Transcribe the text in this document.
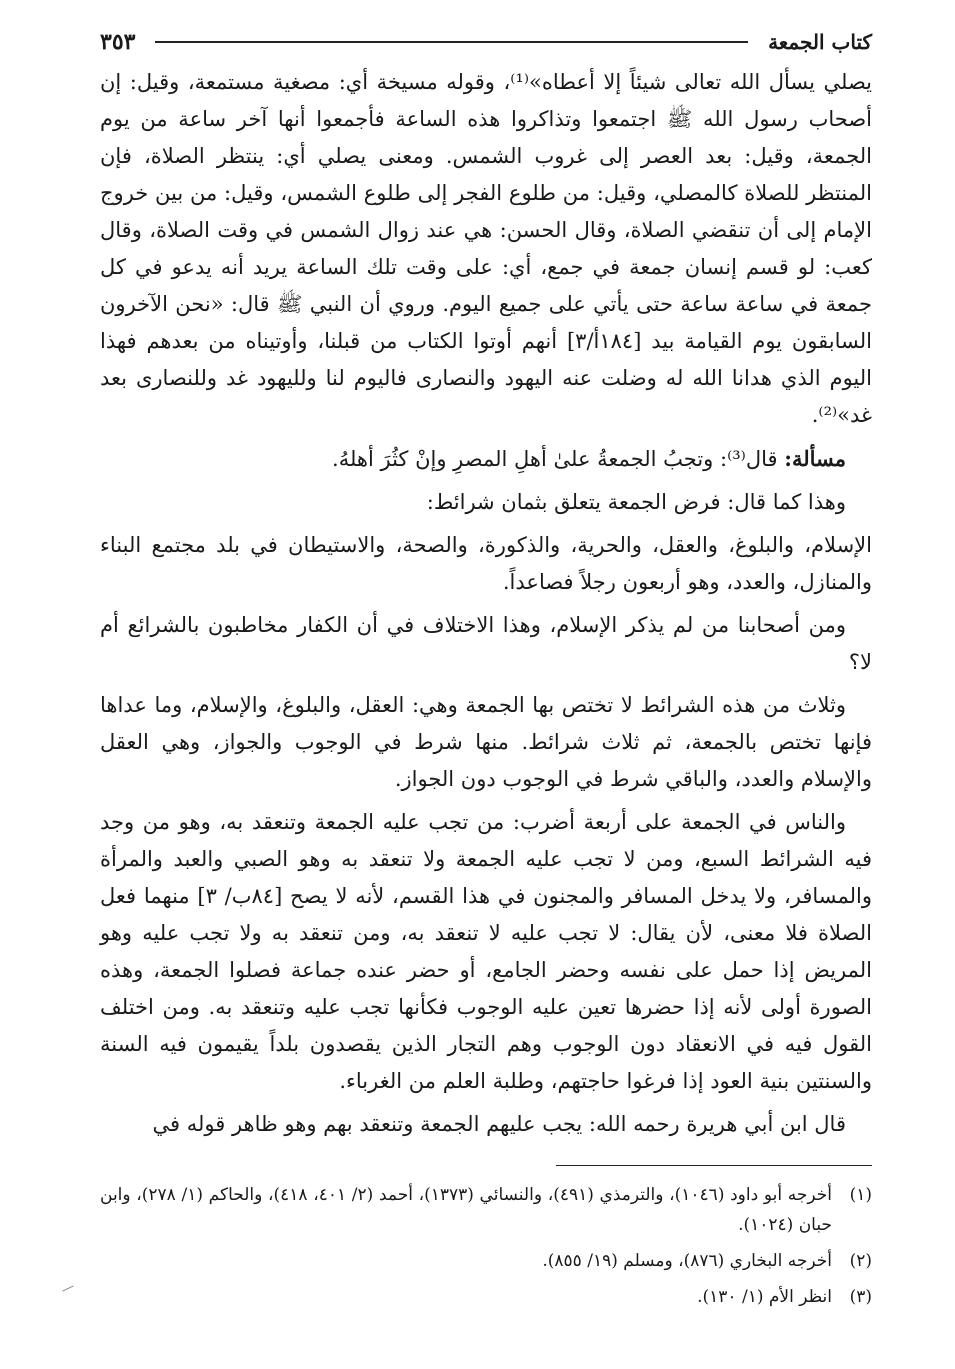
كتاب الجمعة
٣٥٣

يصلي يسأل الله تعالى شيئاً إلا أعطاه»⁽¹⁾، وقوله مسيخة أي: مصغية مستمعة، وقيل: إن أصحاب رسول الله ﷺ اجتمعوا وتذاكروا هذه الساعة فأجمعوا أنها آخر ساعة من يوم الجمعة، وقيل: بعد العصر إلى غروب الشمس. ومعنى يصلي أي: ينتظر الصلاة، فإن المنتظر للصلاة كالمصلي، وقيل: من طلوع الفجر إلى طلوع الشمس، وقيل: من بين خروج الإمام إلى أن تنقضي الصلاة، وقال الحسن: هي عند زوال الشمس في وقت الصلاة، وقال كعب: لو قسم إنسان جمعة في جمع، أي: على وقت تلك الساعة يريد أنه يدعو في كل جمعة في ساعة ساعة حتى يأتي على جميع اليوم. وروي أن النبي ﷺ قال: «نحن الآخرون السابقون يوم القيامة بيد [١٨٤أ/٣] أنهم أوتوا الكتاب من قبلنا، وأوتيناه من بعدهم فهذا اليوم الذي هدانا الله له وضلت عنه اليهود والنصارى فاليوم لنا ولليهود غد وللنصارى بعد غد»⁽²⁾.

مسألة: قال⁽³⁾: وتجبُ الجمعةُ علىٰ أهلِ المصرِ وإنْ كثُرَ أهلهُ.

وهذا كما قال: فرض الجمعة يتعلق بثمان شرائط:

الإسلام، والبلوغ، والعقل، والحرية، والذكورة، والصحة، والاستيطان في بلد مجتمع البناء والمنازل، والعدد، وهو أربعون رجلاً فصاعداً.

ومن أصحابنا من لم يذكر الإسلام، وهذا الاختلاف في أن الكفار مخاطبون بالشرائع أم لا؟

وثلاث من هذه الشرائط لا تختص بها الجمعة وهي: العقل، والبلوغ، والإسلام، وما عداها فإنها تختص بالجمعة، ثم ثلاث شرائط. منها شرط في الوجوب والجواز، وهي العقل والإسلام والعدد، والباقي شرط في الوجوب دون الجواز.

والناس في الجمعة على أربعة أضرب: من تجب عليه الجمعة وتنعقد به، وهو من وجد فيه الشرائط السبع، ومن لا تجب عليه الجمعة ولا تنعقد به وهو الصبي والعبد والمرأة والمسافر، ولا يدخل المسافر والمجنون في هذا القسم، لأنه لا يصح [٨٤ب/ ٣] منهما فعل الصلاة فلا معنى، لأن يقال: لا تجب عليه لا تنعقد به، ومن تنعقد به ولا تجب عليه وهو المريض إذا حمل على نفسه وحضر الجامع، أو حضر عنده جماعة فصلوا الجمعة، وهذه الصورة أولى لأنه إذا حضرها تعين عليه الوجوب فكأنها تجب عليه وتنعقد به. ومن اختلف القول فيه في الانعقاد دون الوجوب وهم التجار الذين يقصدون بلداً يقيمون فيه السنة والسنتين بنية العود إذا فرغوا حاجتهم، وطلبة العلم من الغرباء.

قال ابن أبي هريرة رحمه الله: يجب عليهم الجمعة وتنعقد بهم وهو ظاهر قوله في

(١)
أخرجه أبو داود (١٠٤٦)، والترمذي (٤٩١)، والنسائي (١٣٧٣)، أحمد (٢/ ٤٠١، ٤١٨)، والحاكم (١/ ٢٧٨)، وابن حبان (١٠٢٤).
(٢)
أخرجه البخاري (٨٧٦)، ومسلم (١٩/ ٨٥٥).
(٣)
انظر الأم (١/ ١٣٠).
